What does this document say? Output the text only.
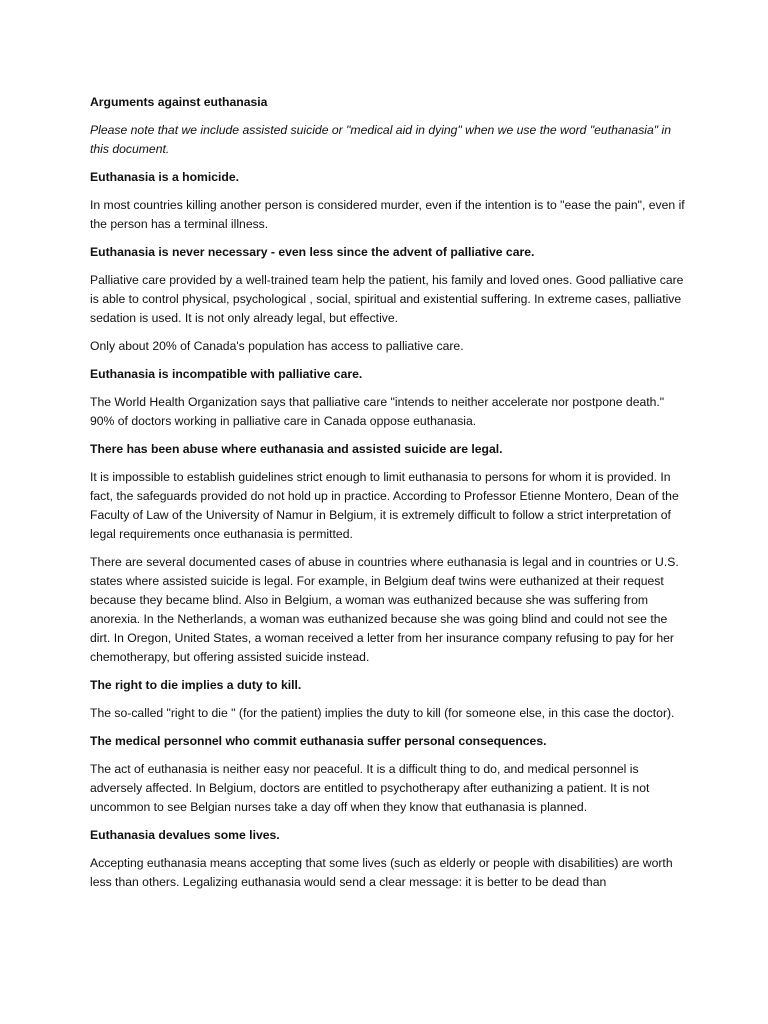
Arguments against euthanasia

Please note that we include assisted suicide or "medical aid in dying" when we use the word "euthanasia" in this document.

Euthanasia is a homicide.

In most countries killing another person is considered murder, even if the intention is to "ease the pain", even if the person has a terminal illness.

Euthanasia is never necessary - even less since the advent of palliative care.

Palliative care provided by a well-trained team help the patient, his family and loved ones. Good palliative care is able to control physical, psychological , social, spiritual and existential suffering. In extreme cases, palliative sedation is used. It is not only already legal, but effective.

Only about 20% of Canada's population has access to palliative care.

Euthanasia is incompatible with palliative care.

The World Health Organization says that palliative care "intends to neither accelerate nor postpone death." 90% of doctors working in palliative care in Canada oppose euthanasia.

There has been abuse where euthanasia and assisted suicide are legal.

It is impossible to establish guidelines strict enough to limit euthanasia to persons for whom it is provided. In fact, the safeguards provided do not hold up in practice. According to Professor Etienne Montero, Dean of the Faculty of Law of the University of Namur in Belgium, it is extremely difficult to follow a strict interpretation of legal requirements once euthanasia is permitted.

There are several documented cases of abuse in countries where euthanasia is legal and in countries or U.S. states where assisted suicide is legal. For example, in Belgium deaf twins were euthanized at their request because they became blind. Also in Belgium, a woman was euthanized because she was suffering from anorexia. In the Netherlands, a woman was euthanized because she was going blind and could not see the dirt. In Oregon, United States, a woman received a letter from her insurance company refusing to pay for her chemotherapy, but offering assisted suicide instead.

The right to die implies a duty to kill.

The so-called "right to die " (for the patient) implies the duty to kill (for someone else, in this case the doctor).

The medical personnel who commit euthanasia suffer personal consequences.

The act of euthanasia is neither easy nor peaceful. It is a difficult thing to do, and medical personnel is adversely affected. In Belgium, doctors are entitled to psychotherapy after euthanizing a patient. It is not uncommon to see Belgian nurses take a day off when they know that euthanasia is planned.

Euthanasia devalues some lives.

Accepting euthanasia means accepting that some lives (such as elderly or people with disabilities) are worth less than others. Legalizing euthanasia would send a clear message: it is better to be dead than
